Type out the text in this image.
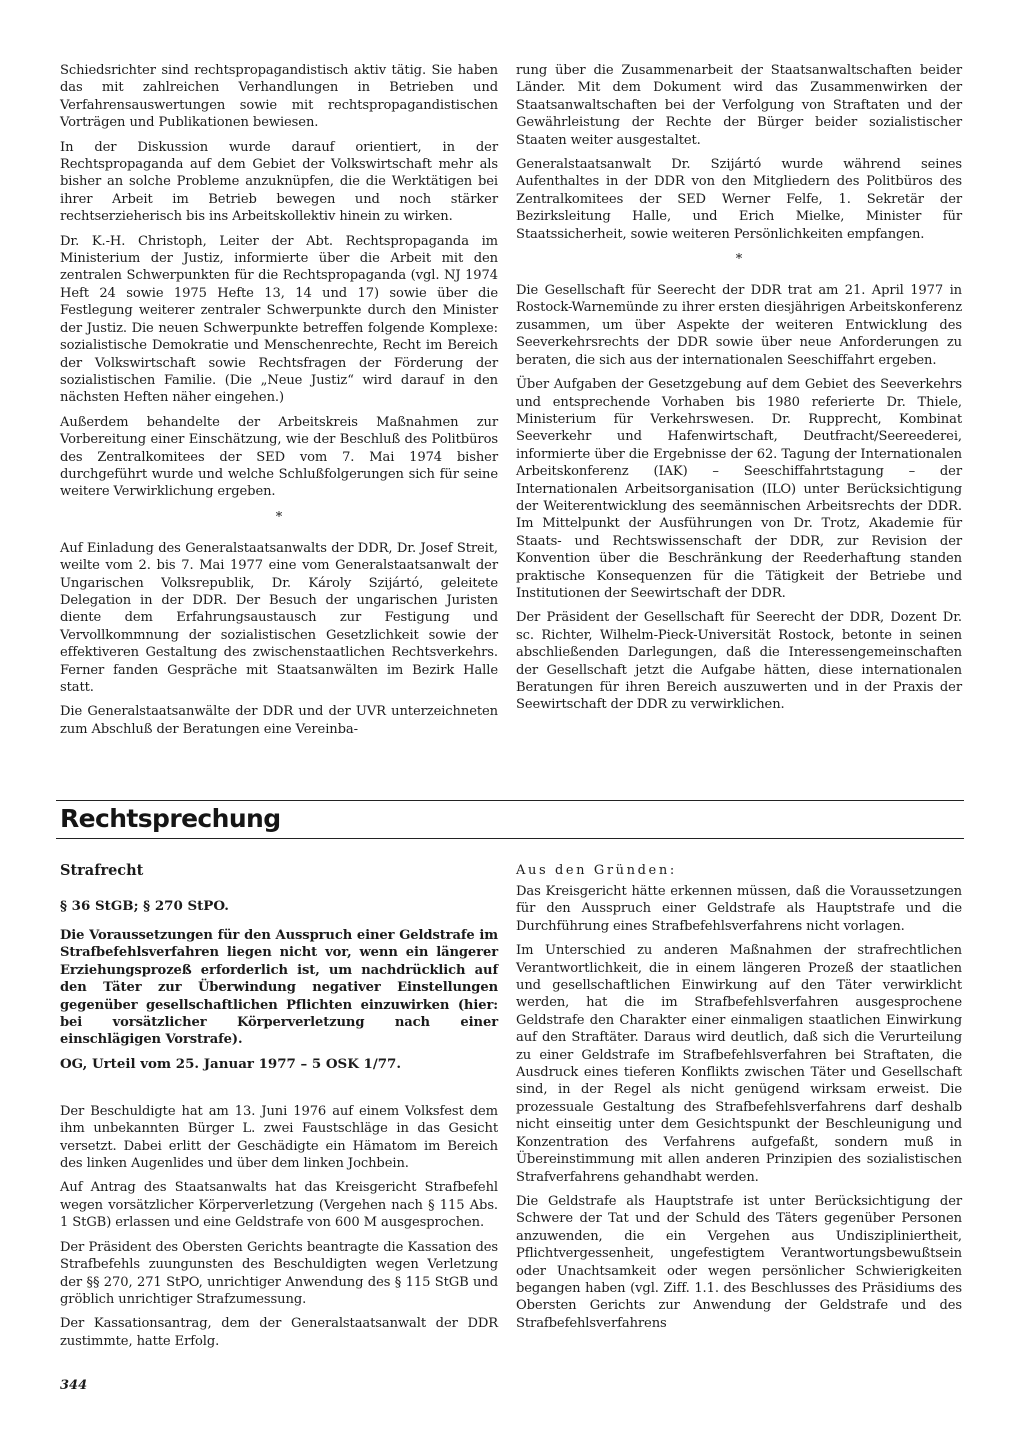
Schiedsrichter sind rechtspropagandistisch aktiv tätig. Sie haben das mit zahlreichen Verhandlungen in Betrieben und Verfahrensauswertungen sowie mit rechtspropagandistischen Vorträgen und Publikationen bewiesen.

In der Diskussion wurde darauf orientiert, in der Rechtspropaganda auf dem Gebiet der Volkswirtschaft mehr als bisher an solche Probleme anzuknüpfen, die die Werktätigen bei ihrer Arbeit im Betrieb bewegen und noch stärker rechtserzieherisch bis ins Arbeitskollektiv hinein zu wirken.

Dr. K.-H. Christoph, Leiter der Abt. Rechtspropaganda im Ministerium der Justiz, informierte über die Arbeit mit den zentralen Schwerpunkten für die Rechtspropaganda (vgl. NJ 1974 Heft 24 sowie 1975 Hefte 13, 14 und 17) sowie über die Festlegung weiterer zentraler Schwerpunkte durch den Minister der Justiz. Die neuen Schwerpunkte betreffen folgende Komplexe: sozialistische Demokratie und Menschenrechte, Recht im Bereich der Volkswirtschaft sowie Rechtsfragen der Förderung der sozialistischen Familie. (Die „Neue Justiz“ wird darauf in den nächsten Heften näher eingehen.)

Außerdem behandelte der Arbeitskreis Maßnahmen zur Vorbereitung einer Einschätzung, wie der Beschluß des Politbüros des Zentralkomitees der SED vom 7. Mai 1974 bisher durchgeführt wurde und welche Schlußfolgerungen sich für seine weitere Verwirklichung ergeben.

*

Auf Einladung des Generalstaatsanwalts der DDR, Dr. Josef Streit, weilte vom 2. bis 7. Mai 1977 eine vom Generalstaatsanwalt der Ungarischen Volksrepublik, Dr. Károly Szijártó, geleitete Delegation in der DDR. Der Besuch der ungarischen Juristen diente dem Erfahrungsaustausch zur Festigung und Vervollkommnung der sozialistischen Gesetzlichkeit sowie der effektiveren Gestaltung des zwischenstaatlichen Rechtsverkehrs. Ferner fanden Gespräche mit Staatsanwälten im Bezirk Halle statt.

Die Generalstaatsanwälte der DDR und der UVR unterzeichneten zum Abschluß der Beratungen eine Vereinba-

rung über die Zusammenarbeit der Staatsanwaltschaften beider Länder. Mit dem Dokument wird das Zusammenwirken der Staatsanwaltschaften bei der Verfolgung von Straftaten und der Gewährleistung der Rechte der Bürger beider sozialistischer Staaten weiter ausgestaltet.

Generalstaatsanwalt Dr. Szijártó wurde während seines Aufenthaltes in der DDR von den Mitgliedern des Politbüros des Zentralkomitees der SED Werner Felfe, 1. Sekretär der Bezirksleitung Halle, und Erich Mielke, Minister für Staatssicherheit, sowie weiteren Persönlichkeiten empfangen.

*

Die Gesellschaft für Seerecht der DDR trat am 21. April 1977 in Rostock-Warnemünde zu ihrer ersten diesjährigen Arbeitskonferenz zusammen, um über Aspekte der weiteren Entwicklung des Seeverkehrsrechts der DDR sowie über neue Anforderungen zu beraten, die sich aus der internationalen Seeschiffahrt ergeben.

Über Aufgaben der Gesetzgebung auf dem Gebiet des Seeverkehrs und entsprechende Vorhaben bis 1980 referierte Dr. Thiele, Ministerium für Verkehrswesen. Dr. Rupprecht, Kombinat Seeverkehr und Hafenwirtschaft, Deutfracht/Seereederei, informierte über die Ergebnisse der 62. Tagung der Internationalen Arbeitskonferenz (IAK) – Seeschiffahrtstagung – der Internationalen Arbeitsorganisation (ILO) unter Berücksichtigung der Weiterentwicklung des seemännischen Arbeitsrechts der DDR. Im Mittelpunkt der Ausführungen von Dr. Trotz, Akademie für Staats- und Rechtswissenschaft der DDR, zur Revision der Konvention über die Beschränkung der Reederhaftung standen praktische Konsequenzen für die Tätigkeit der Betriebe und Institutionen der Seewirtschaft der DDR.

Der Präsident der Gesellschaft für Seerecht der DDR, Dozent Dr. sc. Richter, Wilhelm-Pieck-Universität Rostock, betonte in seinen abschließenden Darlegungen, daß die Interessengemeinschaften der Gesellschaft jetzt die Aufgabe hätten, diese internationalen Beratungen für ihren Bereich auszuwerten und in der Praxis der Seewirtschaft der DDR zu verwirklichen.

Rechtsprechung
Strafrecht
§ 36 StGB; § 270 StPO.

Die Voraussetzungen für den Ausspruch einer Geldstrafe im Strafbefehlsverfahren liegen nicht vor, wenn ein längerer Erziehungsprozeß erforderlich ist, um nachdrücklich auf den Täter zur Überwindung negativer Einstellungen gegenüber gesellschaftlichen Pflichten einzuwirken (hier: bei vorsätzlicher Körperverletzung nach einer einschlägigen Vorstrafe).

OG, Urteil vom 25. Januar 1977 – 5 OSK 1/77.

Der Beschuldigte hat am 13. Juni 1976 auf einem Volksfest dem ihm unbekannten Bürger L. zwei Faustschläge in das Gesicht versetzt. Dabei erlitt der Geschädigte ein Hämatom im Bereich des linken Augenlides und über dem linken Jochbein.

Auf Antrag des Staatsanwalts hat das Kreisgericht Strafbefehl wegen vorsätzlicher Körperverletzung (Vergehen nach § 115 Abs. 1 StGB) erlassen und eine Geldstrafe von 600 M ausgesprochen.

Der Präsident des Obersten Gerichts beantragte die Kassation des Strafbefehls zuungunsten des Beschuldigten wegen Verletzung der §§ 270, 271 StPO, unrichtiger Anwendung des § 115 StGB und gröblich unrichtiger Strafzumessung.

Der Kassationsantrag, dem der Generalstaatsanwalt der DDR zustimmte, hatte Erfolg.

Aus den Gründen:

Das Kreisgericht hätte erkennen müssen, daß die Voraussetzungen für den Ausspruch einer Geldstrafe als Hauptstrafe und die Durchführung eines Strafbefehlsverfahrens nicht vorlagen.

Im Unterschied zu anderen Maßnahmen der strafrechtlichen Verantwortlichkeit, die in einem längeren Prozeß der staatlichen und gesellschaftlichen Einwirkung auf den Täter verwirklicht werden, hat die im Strafbefehlsverfahren ausgesprochene Geldstrafe den Charakter einer einmaligen staatlichen Einwirkung auf den Straftäter. Daraus wird deutlich, daß sich die Verurteilung zu einer Geldstrafe im Strafbefehlsverfahren bei Straftaten, die Ausdruck eines tieferen Konflikts zwischen Täter und Gesellschaft sind, in der Regel als nicht genügend wirksam erweist. Die prozessuale Gestaltung des Strafbefehlsverfahrens darf deshalb nicht einseitig unter dem Gesichtspunkt der Beschleunigung und Konzentration des Verfahrens aufgefaßt, sondern muß in Übereinstimmung mit allen anderen Prinzipien des sozialistischen Strafverfahrens gehandhabt werden.

Die Geldstrafe als Hauptstrafe ist unter Berücksichtigung der Schwere der Tat und der Schuld des Täters gegenüber Personen anzuwenden, die ein Vergehen aus Undiszipliniertheit, Pflichtvergessenheit, ungefestigtem Verantwortungsbewußtsein oder Unachtsamkeit oder wegen persönlicher Schwierigkeiten begangen haben (vgl. Ziff. 1.1. des Beschlusses des Präsidiums des Obersten Gerichts zur Anwendung der Geldstrafe und des Strafbefehlsverfahrens

344
